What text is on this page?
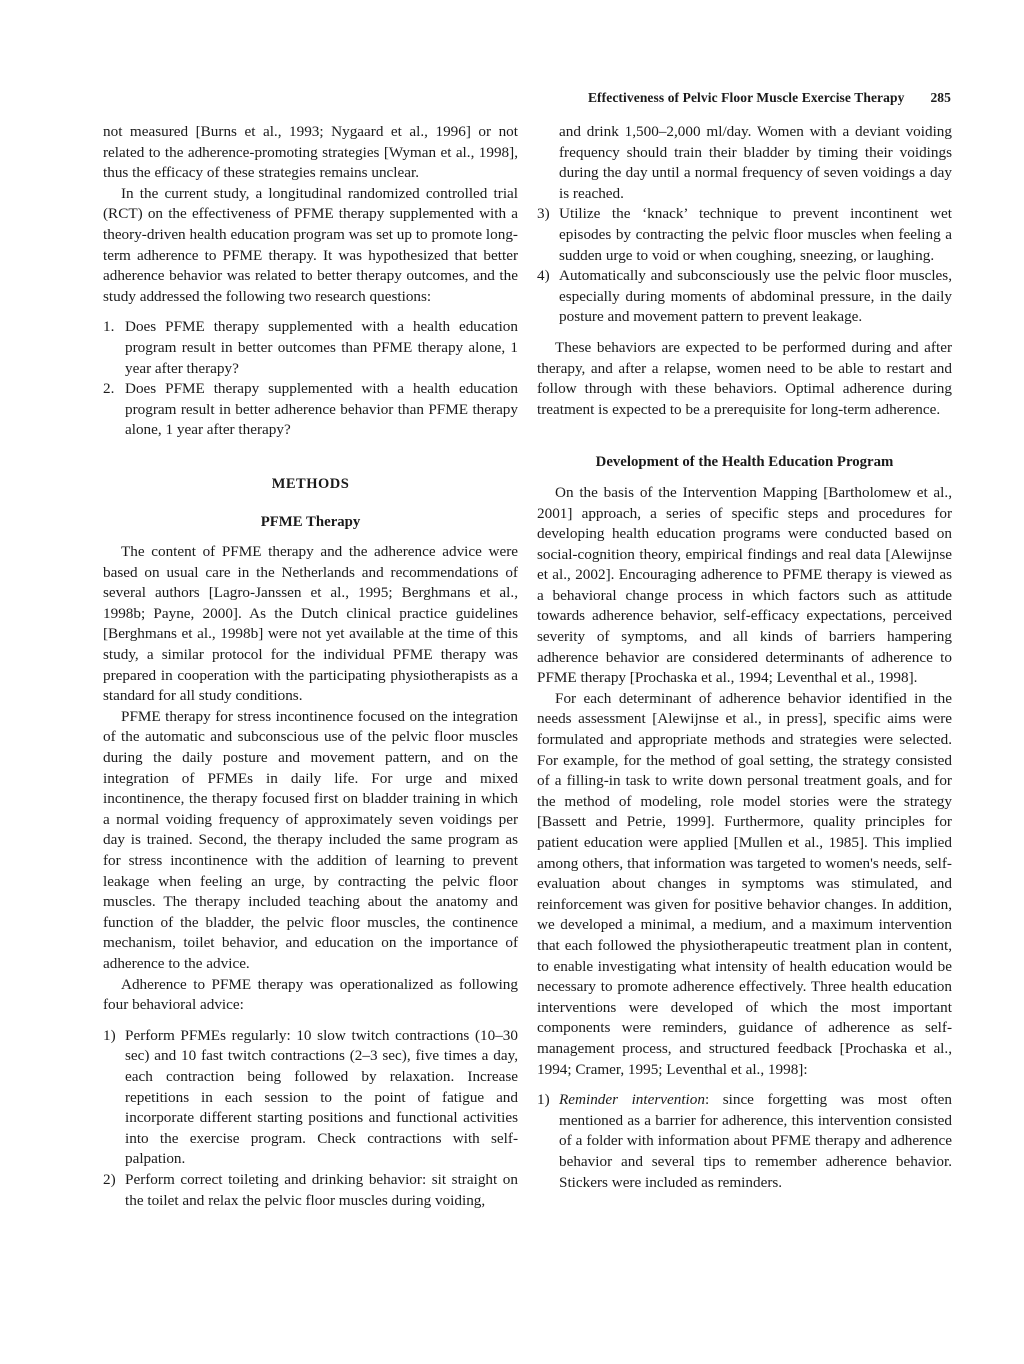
Effectiveness of Pelvic Floor Muscle Exercise Therapy 285

not measured [Burns et al., 1993; Nygaard et al., 1996] or not related to the adherence-promoting strategies [Wyman et al., 1998], thus the efficacy of these strategies remains unclear.

In the current study, a longitudinal randomized controlled trial (RCT) on the effectiveness of PFME therapy supplemented with a theory-driven health education program was set up to promote long-term adherence to PFME therapy. It was hypothesized that better adherence behavior was related to better therapy outcomes, and the study addressed the following two research questions:

1. Does PFME therapy supplemented with a health education program result in better outcomes than PFME therapy alone, 1 year after therapy?
2. Does PFME therapy supplemented with a health education program result in better adherence behavior than PFME therapy alone, 1 year after therapy?
METHODS
PFME Therapy

The content of PFME therapy and the adherence advice were based on usual care in the Netherlands and recommendations of several authors [Lagro-Janssen et al., 1995; Berghmans et al., 1998b; Payne, 2000]. As the Dutch clinical practice guidelines [Berghmans et al., 1998b] were not yet available at the time of this study, a similar protocol for the individual PFME therapy was prepared in cooperation with the participating physiotherapists as a standard for all study conditions.

PFME therapy for stress incontinence focused on the integration of the automatic and subconscious use of the pelvic floor muscles during the daily posture and movement pattern, and on the integration of PFMEs in daily life. For urge and mixed incontinence, the therapy focused first on bladder training in which a normal voiding frequency of approximately seven voidings per day is trained. Second, the therapy included the same program as for stress incontinence with the addition of learning to prevent leakage when feeling an urge, by contracting the pelvic floor muscles. The therapy included teaching about the anatomy and function of the bladder, the pelvic floor muscles, the continence mechanism, toilet behavior, and education on the importance of adherence to the advice.

Adherence to PFME therapy was operationalized as following four behavioral advice:

1) Perform PFMEs regularly: 10 slow twitch contractions (10–30 sec) and 10 fast twitch contractions (2–3 sec), five times a day, each contraction being followed by relaxation. Increase repetitions in each session to the point of fatigue and incorporate different starting positions and functional activities into the exercise program. Check contractions with self-palpation.
2) Perform correct toileting and drinking behavior: sit straight on the toilet and relax the pelvic floor muscles during voiding,

and drink 1,500–2,000 ml/day. Women with a deviant voiding frequency should train their bladder by timing their voidings during the day until a normal frequency of seven voidings a day is reached.

3) Utilize the ‘knack’ technique to prevent incontinent wet episodes by contracting the pelvic floor muscles when feeling a sudden urge to void or when coughing, sneezing, or laughing.
4) Automatically and subconsciously use the pelvic floor muscles, especially during moments of abdominal pressure, in the daily posture and movement pattern to prevent leakage.

These behaviors are expected to be performed during and after therapy, and after a relapse, women need to be able to restart and follow through with these behaviors. Optimal adherence during treatment is expected to be a prerequisite for long-term adherence.

Development of the Health Education Program

On the basis of the Intervention Mapping [Bartholomew et al., 2001] approach, a series of specific steps and procedures for developing health education programs were conducted based on social-cognition theory, empirical findings and real data [Alewijnse et al., 2002]. Encouraging adherence to PFME therapy is viewed as a behavioral change process in which factors such as attitude towards adherence behavior, self-efficacy expectations, perceived severity of symptoms, and all kinds of barriers hampering adherence behavior are considered determinants of adherence to PFME therapy [Prochaska et al., 1994; Leventhal et al., 1998].

For each determinant of adherence behavior identified in the needs assessment [Alewijnse et al., in press], specific aims were formulated and appropriate methods and strategies were selected. For example, for the method of goal setting, the strategy consisted of a filling-in task to write down personal treatment goals, and for the method of modeling, role model stories were the strategy [Bassett and Petrie, 1999]. Furthermore, quality principles for patient education were applied [Mullen et al., 1985]. This implied among others, that information was targeted to women's needs, self-evaluation about changes in symptoms was stimulated, and reinforcement was given for positive behavior changes. In addition, we developed a minimal, a medium, and a maximum intervention that each followed the physiotherapeutic treatment plan in content, to enable investigating what intensity of health education would be necessary to promote adherence effectively. Three health education interventions were developed of which the most important components were reminders, guidance of adherence as self-management process, and structured feedback [Prochaska et al., 1994; Cramer, 1995; Leventhal et al., 1998]:

1) Reminder intervention: since forgetting was most often mentioned as a barrier for adherence, this intervention consisted of a folder with information about PFME therapy and adherence behavior and several tips to remember adherence behavior. Stickers were included as reminders.
